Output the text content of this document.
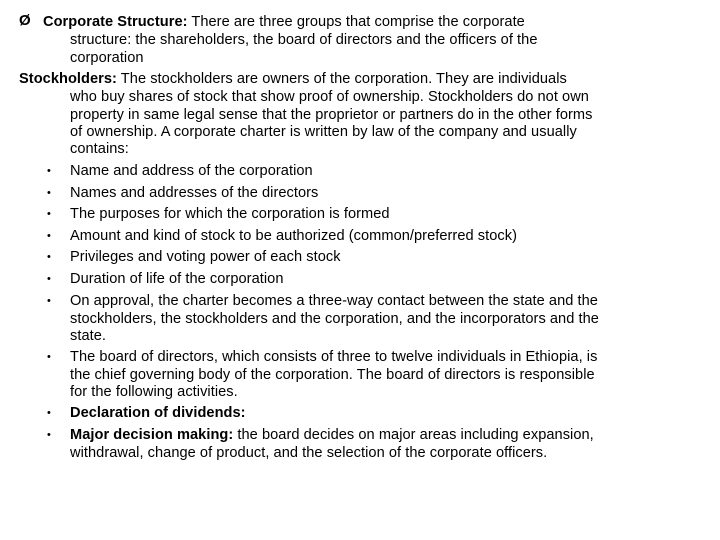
Ø Corporate Structure: There are three groups that comprise the corporate
structure: the shareholders, the board of directors and the officers of the
corporation
Stockholders: The stockholders are owners of the corporation. They are individuals
who buy shares of stock that show proof of ownership. Stockholders do not own
property in same legal sense that the proprietor or partners do in the other forms
of ownership. A corporate charter is written by law of the company and usually
contains:
• Name and address of the corporation
• Names and addresses of the directors
• The purposes for which the corporation is formed
• Amount and kind of stock to be authorized (common/preferred stock)
• Privileges and voting power of each stock
• Duration of life of the corporation
• On approval, the charter becomes a three-way contact between the state and the
stockholders, the stockholders and the corporation, and the incorporators and the
state.
• The board of directors, which consists of three to twelve individuals in Ethiopia, is
the chief governing body of the corporation. The board of directors is responsible
for the following activities.
• Declaration of dividends:
• Major decision making: the board decides on major areas including expansion,
withdrawal, change of product, and the selection of the corporate officers.
